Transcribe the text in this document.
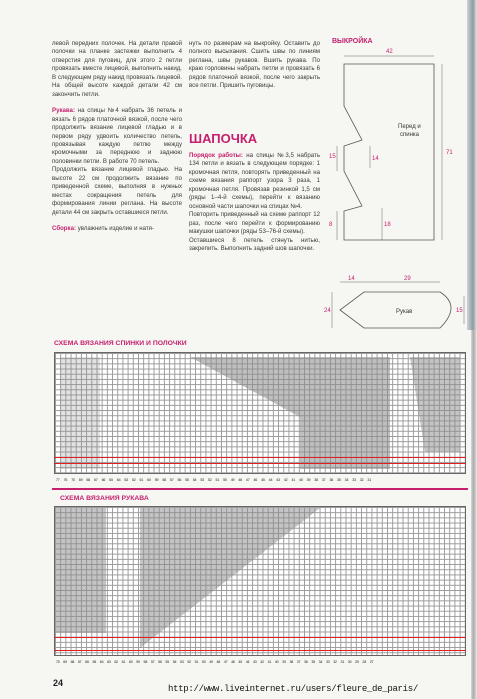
левой передних полочек. На детали правой полочки на планке застежки выполнить 4 отверстия для пуговиц, для этого 2 петли провязать вместе лицевой, выполнить накид. В следующем ряду накид провязать лицевой. На общей высоте каждой детали 42 см закончить петли.

Рукава: на спицы №4 набрать 36 петель и вязать 6 рядов платочной вязкой, после чего продолжить вязание лицевой гладью и в первом ряду удвоить количество петель, провязывая каждую петлю между кромочными за переднюю и заднюю половинки петли. В работе 70 петель.

Продолжить вязание лицевой гладью. На высоте 22 см продолжить вязание по приведенной схеме, выполняя в нужных местах сокращения петель для формирования линии реглана. На высоте детали 44 см закрыть оставшиеся петли.

Сборка: увлажнить изделие и натя-

нуть по размерам на выкройку. Оставить до полного высыхания. Сшить швы по линиям реглана, швы рукавов. Вшить рукава. По краю горловины набрать петли и провязать 6 рядов платочной вязкой, после чего закрыть все петли. Пришить пуговицы.

ШАПОЧКА

Порядок работы: на спицы №3,5 набрать 134 петли и вязать в следующем порядке: 1 кромочная петля, повторять приведенный на схеме вязания раппорт узора 3 раза, 1 кромочная петля. Провязав резинкой 1,5 см (ряды 1–4-й схемы), перейти к вязанию основной части шапочки на спицах №4.

Повторить приведенный на схеме раппорт 12 раз, после чего перейти к формированию макушки шапочки (ряды 53–76-й схемы).

Оставшиеся 8 петель стянуть нитью, закрепить. Выполнить задний шов шапочки.

ВЫКРОЙКА
42
71
15	14
8	18
14	29
24	15
Перед и
спинка
Рукав
СХЕМА ВЯЗАНИЯ СПИНКИ И ПОЛОЧКИ
77 76 70 69 68 67 66 65 64 63 62 61 60 59 58 57 56 55 54 53 52 51 50 49 48 47 46 45 44 43 42 41 40 39 38 37 36 35 34 33 32 31
СХЕМА ВЯЗАНИЯ РУКАВА
70 69 68 67 66 65 64 63 62 61 60 59 58 57 56 55 54 53 52 51 50 49 48 47 46 45 44 43 42 41 40 39 38 37 36 35 34 33 32 31 30 29 28 27
24
http://www.liveinternet.ru/users/fleure_de_paris/
